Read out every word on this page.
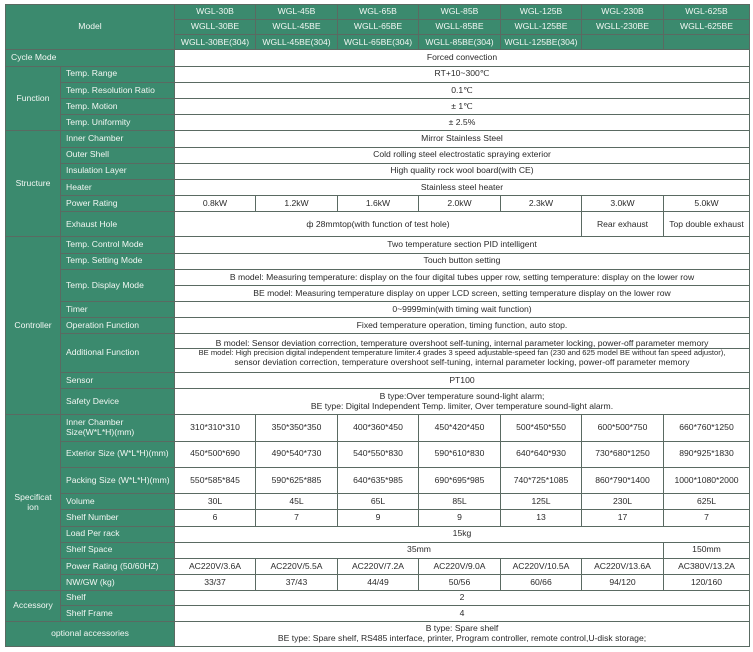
Model		WGL-30B	WGL-45B	WGL-65B	WGL-85B	WGL-125B	WGL-230B	WGL-625B
		WGLL-30BE	WGLL-45BE	WGLL-65BE	WGLL-85BE	WGLL-125BE	WGLL-230BE	WGLL-625BE
		WGLL-30BE(304)	WGLL-45BE(304)	WGLL-65BE(304)	WGLL-85BE(304)	WGLL-125BE(304)		
Cycle Mode		Forced convection						
Function	Temp. Range	RT+10~300℃						
	Temp. Resolution Ratio	0.1℃						
	Temp. Motion	± 1℃						
	Temp. Uniformity	± 2.5%						
Structure	Inner Chamber	Mirror Stainless Steel						
	Outer Shell	Cold rolling steel electrostatic spraying exterior						
	Insulation Layer	High quality rock wool board(with CE)						
	Heater	Stainless steel heater						
	Power Rating	0.8kW	1.2kW	1.6kW	2.0kW	2.3kW	3.0kW	5.0kW
	Exhaust Hole	ф 28mmtop(with function of test hole)					Rear exhaust	Top double exhaust
Controller	Temp. Control Mode	Two temperature section PID intelligent						
	Temp. Setting Mode	Touch button setting						
	Temp. Display Mode	B model: Measuring temperature: display on the four digital tubes upper row, setting temperature: display on the lower row						
		BE model: Measuring temperature display on upper LCD screen, setting temperature display on the lower row						
	Timer	0~9999min(with timing wait function)						
	Operation Function	Fixed temperature operation, timing function, auto stop.						
	Additional Function	B model: Sensor deviation correction, temperature overshoot self-tuning, internal parameter locking, power-off parameter memory
BE model: High precision digital independent temperature limiter.4 grades 3 speed adjustable-speed fan (230 and 625 model BE without fan speed adjustor),
sensor deviation correction, temperature overshoot self-tuning, internal parameter locking, power-off parameter memory						

	Sensor	PT100						
	Safety Device	B type:Over temperature sound-light alarm;
BE type: Digital Independent Temp. limiter, Over temperature sound-light alarm.						

Specificat ion	Inner Chamber Size(W*L*H)(mm)	310*310*310	350*350*350	400*360*450	450*420*450	500*450*550	600*500*750	660*760*1250
	Exterior Size (W*L*H)(mm)	450*500*690	490*540*730	540*550*830	590*610*830	640*640*930	730*680*1250	890*925*1830
	Packing Size (W*L*H)(mm)	550*585*845	590*625*885	640*635*985	690*695*985	740*725*1085	860*790*1400	1000*1080*2000
	Volume	30L	45L	65L	85L	125L	230L	625L
	Shelf Number	6	7	9	9	13	17	7
	Load Per rack	15kg						
	Shelf Space	35mm						150mm
	Power Rating (50/60HZ)	AC220V/3.6A	AC220V/5.5A	AC220V/7.2A	AC220V/9.0A	AC220V/10.5A	AC220V/13.6A	AC380V/13.2A
	NW/GW (kg)	33/37	37/43	44/49	50/56	60/66	94/120	120/160
Accessory	Shelf	2						
	Shelf Frame	4						
optional accessories		B type: Spare shelf
BE type: Spare shelf, RS485 interface, printer, Program controller, remote control,U-disk storage;						
